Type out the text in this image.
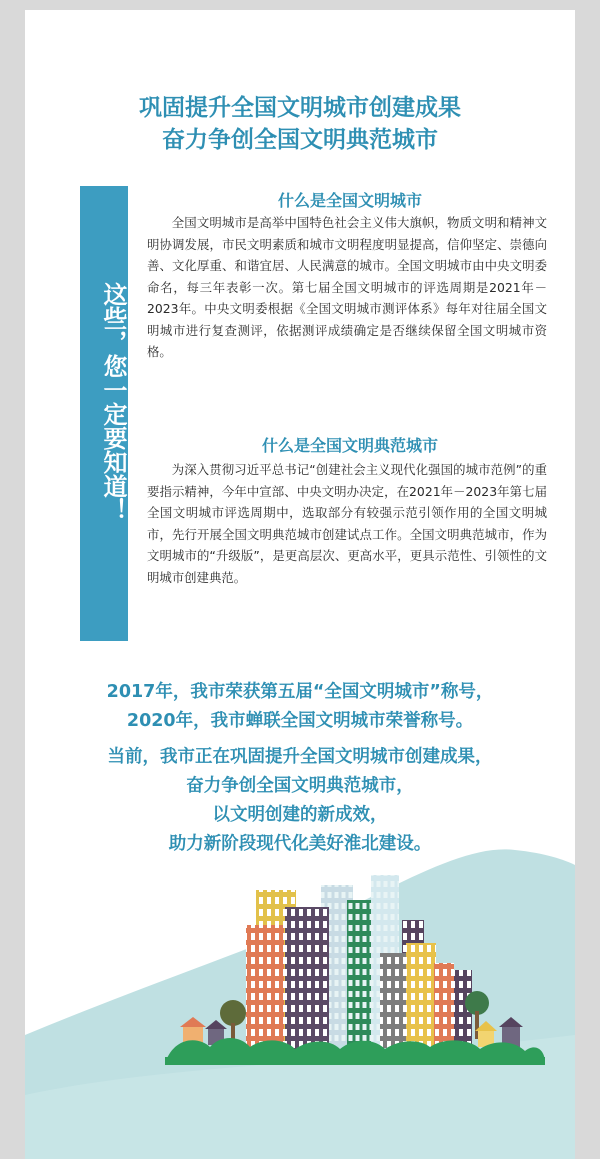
巩固提升全国文明城市创建成果
奋力争创全国文明典范城市
这些，您一定要知道！
什么是全国文明城市

全国文明城市是高举中国特色社会主义伟大旗帜，物质文明和精神文明协调发展，市民文明素质和城市文明程度明显提高，信仰坚定、崇德向善、文化厚重、和谐宜居、人民满意的城市。全国文明城市由中央文明委命名，每三年表彰一次。第七届全国文明城市的评选周期是2021年－2023年。中央文明委根据《全国文明城市测评体系》每年对往届全国文明城市进行复查测评，依据测评成绩确定是否继续保留全国文明城市资格。

什么是全国文明典范城市

为深入贯彻习近平总书记“创建社会主义现代化强国的城市范例”的重要指示精神，今年中宣部、中央文明办决定，在2021年－2023年第七届全国文明城市评选周期中，选取部分有较强示范引领作用的全国文明城市，先行开展全国文明典范城市创建试点工作。全国文明典范城市，作为文明城市的“升级版”，是更高层次、更高水平，更具示范性、引领性的文明城市创建典范。

2017年，我市荣获第五届“全国文明城市”称号，
2020年，我市蝉联全国文明城市荣誉称号。
当前，我市正在巩固提升全国文明城市创建成果，
奋力争创全国文明典范城市，
以文明创建的新成效，
助力新阶段现代化美好淮北建设。
